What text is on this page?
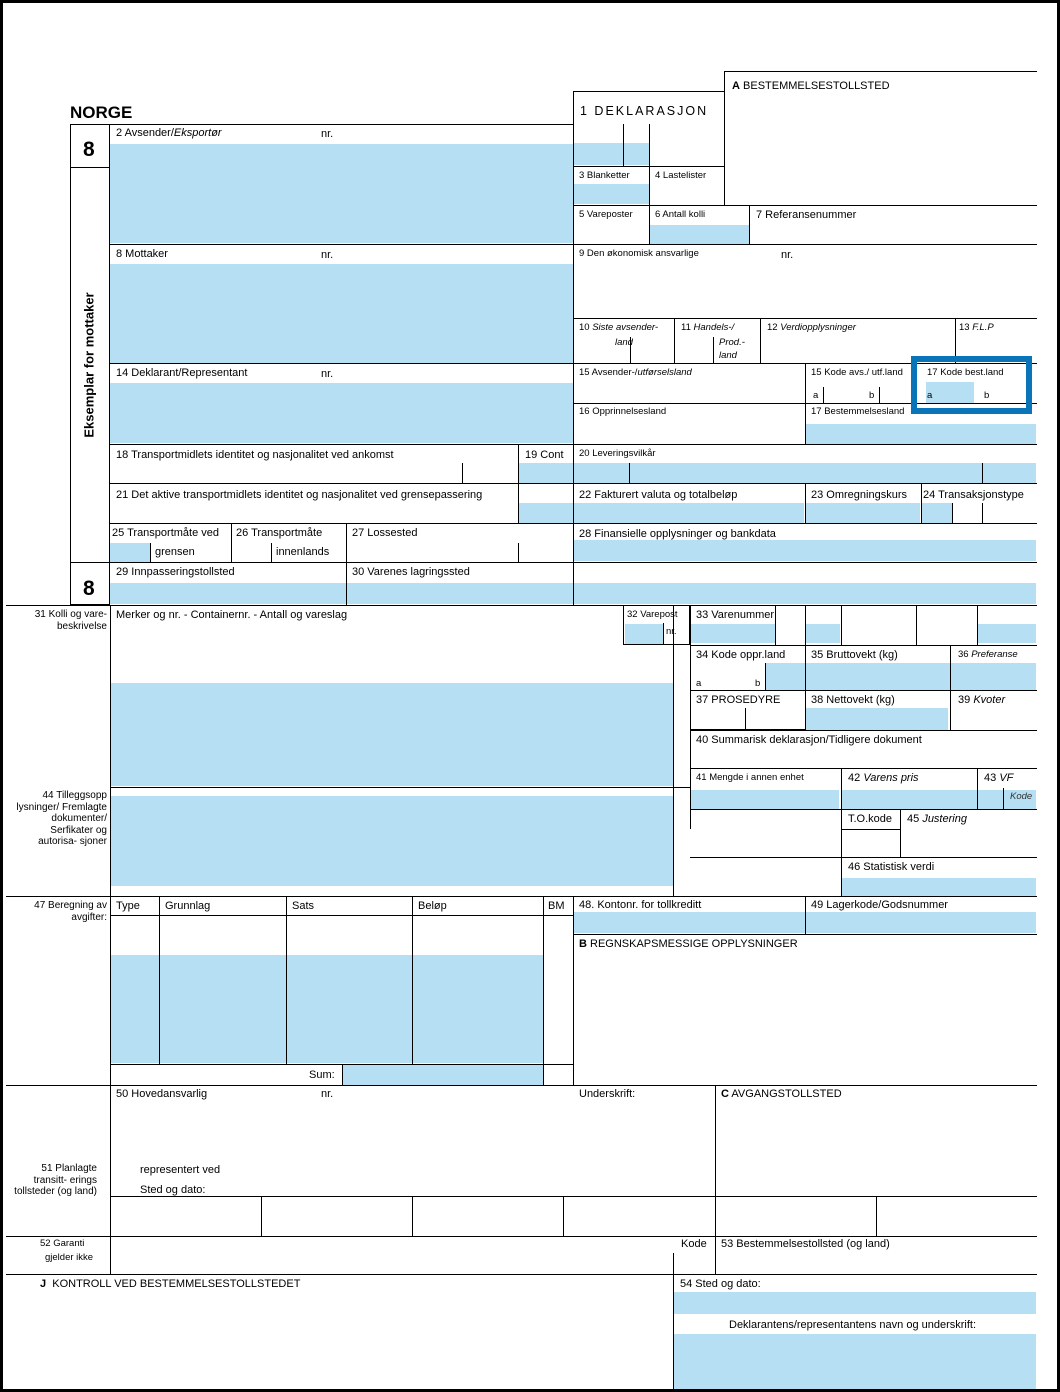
NORGE
8
8
Eksemplar for mottaker
A BESTEMMELSESTOLLSTED
1 DEKLARASJON
2 Avsender/Eksportør	nr.
3 Blanketter	4 Lastelister
5 Vareposter 6 Antall kolli	7 Referansenummer
8 Mottaker	nr.	9 Den økonomisk ansvarlige	nr.
10 Siste avsender-
land
11 Handels-/
Prod.-
land
12 Verdiopplysninger	13 F.L.P
14 Deklarant/Representant	nr.	15 Avsender-/utførselsland	15 Kode avs./ utf.land
a	b
17 Kode best.land
a	b
16 Opprinnelsesland	17 Bestemmelsesland
18 Transportmidlets identitet og nasjonalitet ved ankomst	19 Cont 20 Leveringsvilkår
21 Det aktive transportmidlets identitet og nasjonalitet ved grensepassering	22 Fakturert valuta og totalbeløp	23 Omregningskurs 24 Transaksjonstype
25 Transportmåte ved
grensen
26 Transportmåte
innenlands
27 Lossested	28 Finansielle opplysninger og bankdata
29 Innpasseringstollsted	30 Varenes lagringssted
31 Kolli og vare- beskrivelse
Merker og nr. - Containernr. - Antall og vareslag	32 Varepost
nr.
33 Varenummer
34 Kode oppr.land
a	b
35 Bruttovekt (kg)	36 Preferanse
37 PROSEDYRE	38 Nettovekt (kg)	39 Kvoter
40 Summarisk deklarasjon/Tidligere dokument
41 Mengde i annen enhet	42 Varens pris	43 VF
Kode
44 Tilleggsopp lysninger/ Fremlagte dokumenter/ Serfikater og autorisa- sjoner
T.O.kode 45 Justering
46 Statistisk verdi
47 Beregning av avgifter:
Type Grunnlag	Sats	Beløp	BM
Sum:
48. Kontonr. for tollkreditt	49 Lagerkode/Godsnummer
B REGNSKAPSMESSIGE OPPLYSNINGER
50 Hovedansvarlig	nr.	Underskrift:	C AVGANGSTOLLSTED
representert ved
Sted og dato:
51 Planlagte transitt- erings tollsteder (og land)
52 Garanti
gjelder ikke
Kode 53 Bestemmelsestollsted (og land)
J KONTROLL VED BESTEMMELSESTOLLSTEDET	54 Sted og dato:
Deklarantens/representantens navn og underskrift:
